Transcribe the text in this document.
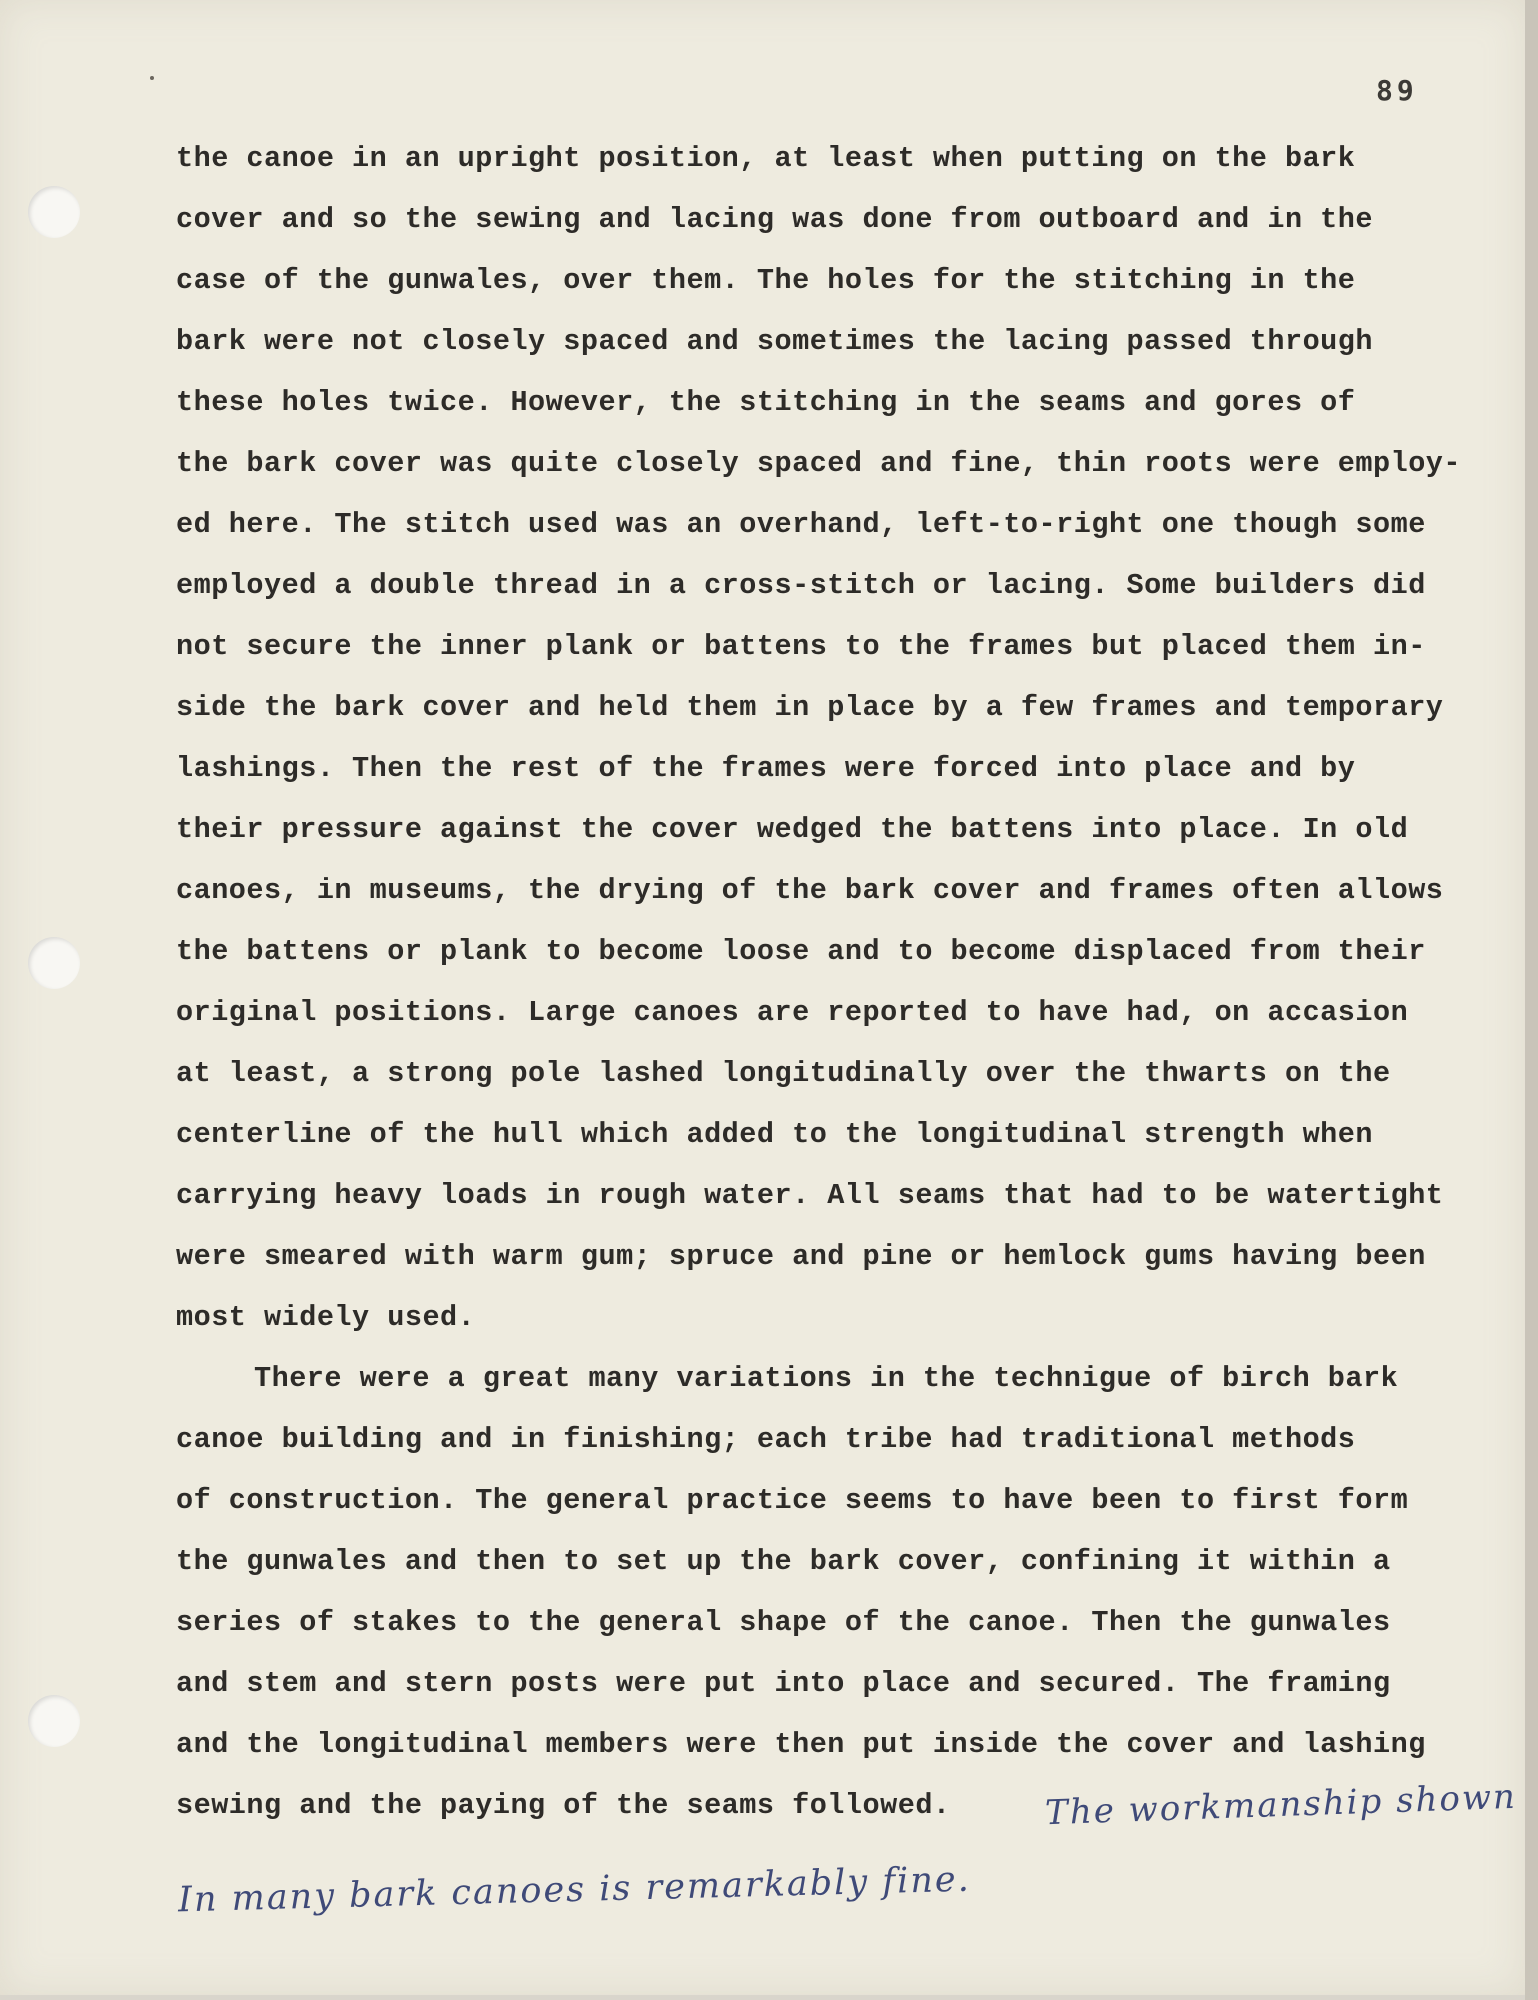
89
the canoe in an upright position, at least when putting on the bark
cover and so the sewing and lacing was done from outboard and in the
case of the gunwales, over them. The holes for the stitching in the
bark were not closely spaced and sometimes the lacing passed through
these holes twice. However, the stitching in the seams and gores of
the bark cover was quite closely spaced and fine, thin roots were employ-
ed here. The stitch used was an overhand, left-to-right one though some
employed a double thread in a cross-stitch or lacing. Some builders did
not secure the inner plank or battens to the frames but placed them in-
side the bark cover and held them in place by a few frames and temporary
lashings. Then the rest of the frames were forced into place and by
their pressure against the cover wedged the battens into place. In old
canoes, in museums, the drying of the bark cover and frames often allows
the battens or plank to become loose and to become displaced from their
original positions. Large canoes are reported to have had, on accasion
at least, a strong pole lashed longitudinally over the thwarts on the
centerline of the hull which added to the longitudinal strength when
carrying heavy loads in rough water. All seams that had to be watertight
were smeared with warm gum; spruce and pine or hemlock gums having been
most widely used.
There were a great many variations in the technigue of birch bark
canoe building and in finishing; each tribe had traditional methods
of construction. The general practice seems to have been to first form
the gunwales and then to set up the bark cover, confining it within a
series of stakes to the general shape of the canoe. Then the gunwales
and stem and stern posts were put into place and secured. The framing
and the longitudinal members were then put inside the cover and lashing
sewing and the paying of the seams followed.	The workmanship shown
In many bark canoes is remarkably fine.
